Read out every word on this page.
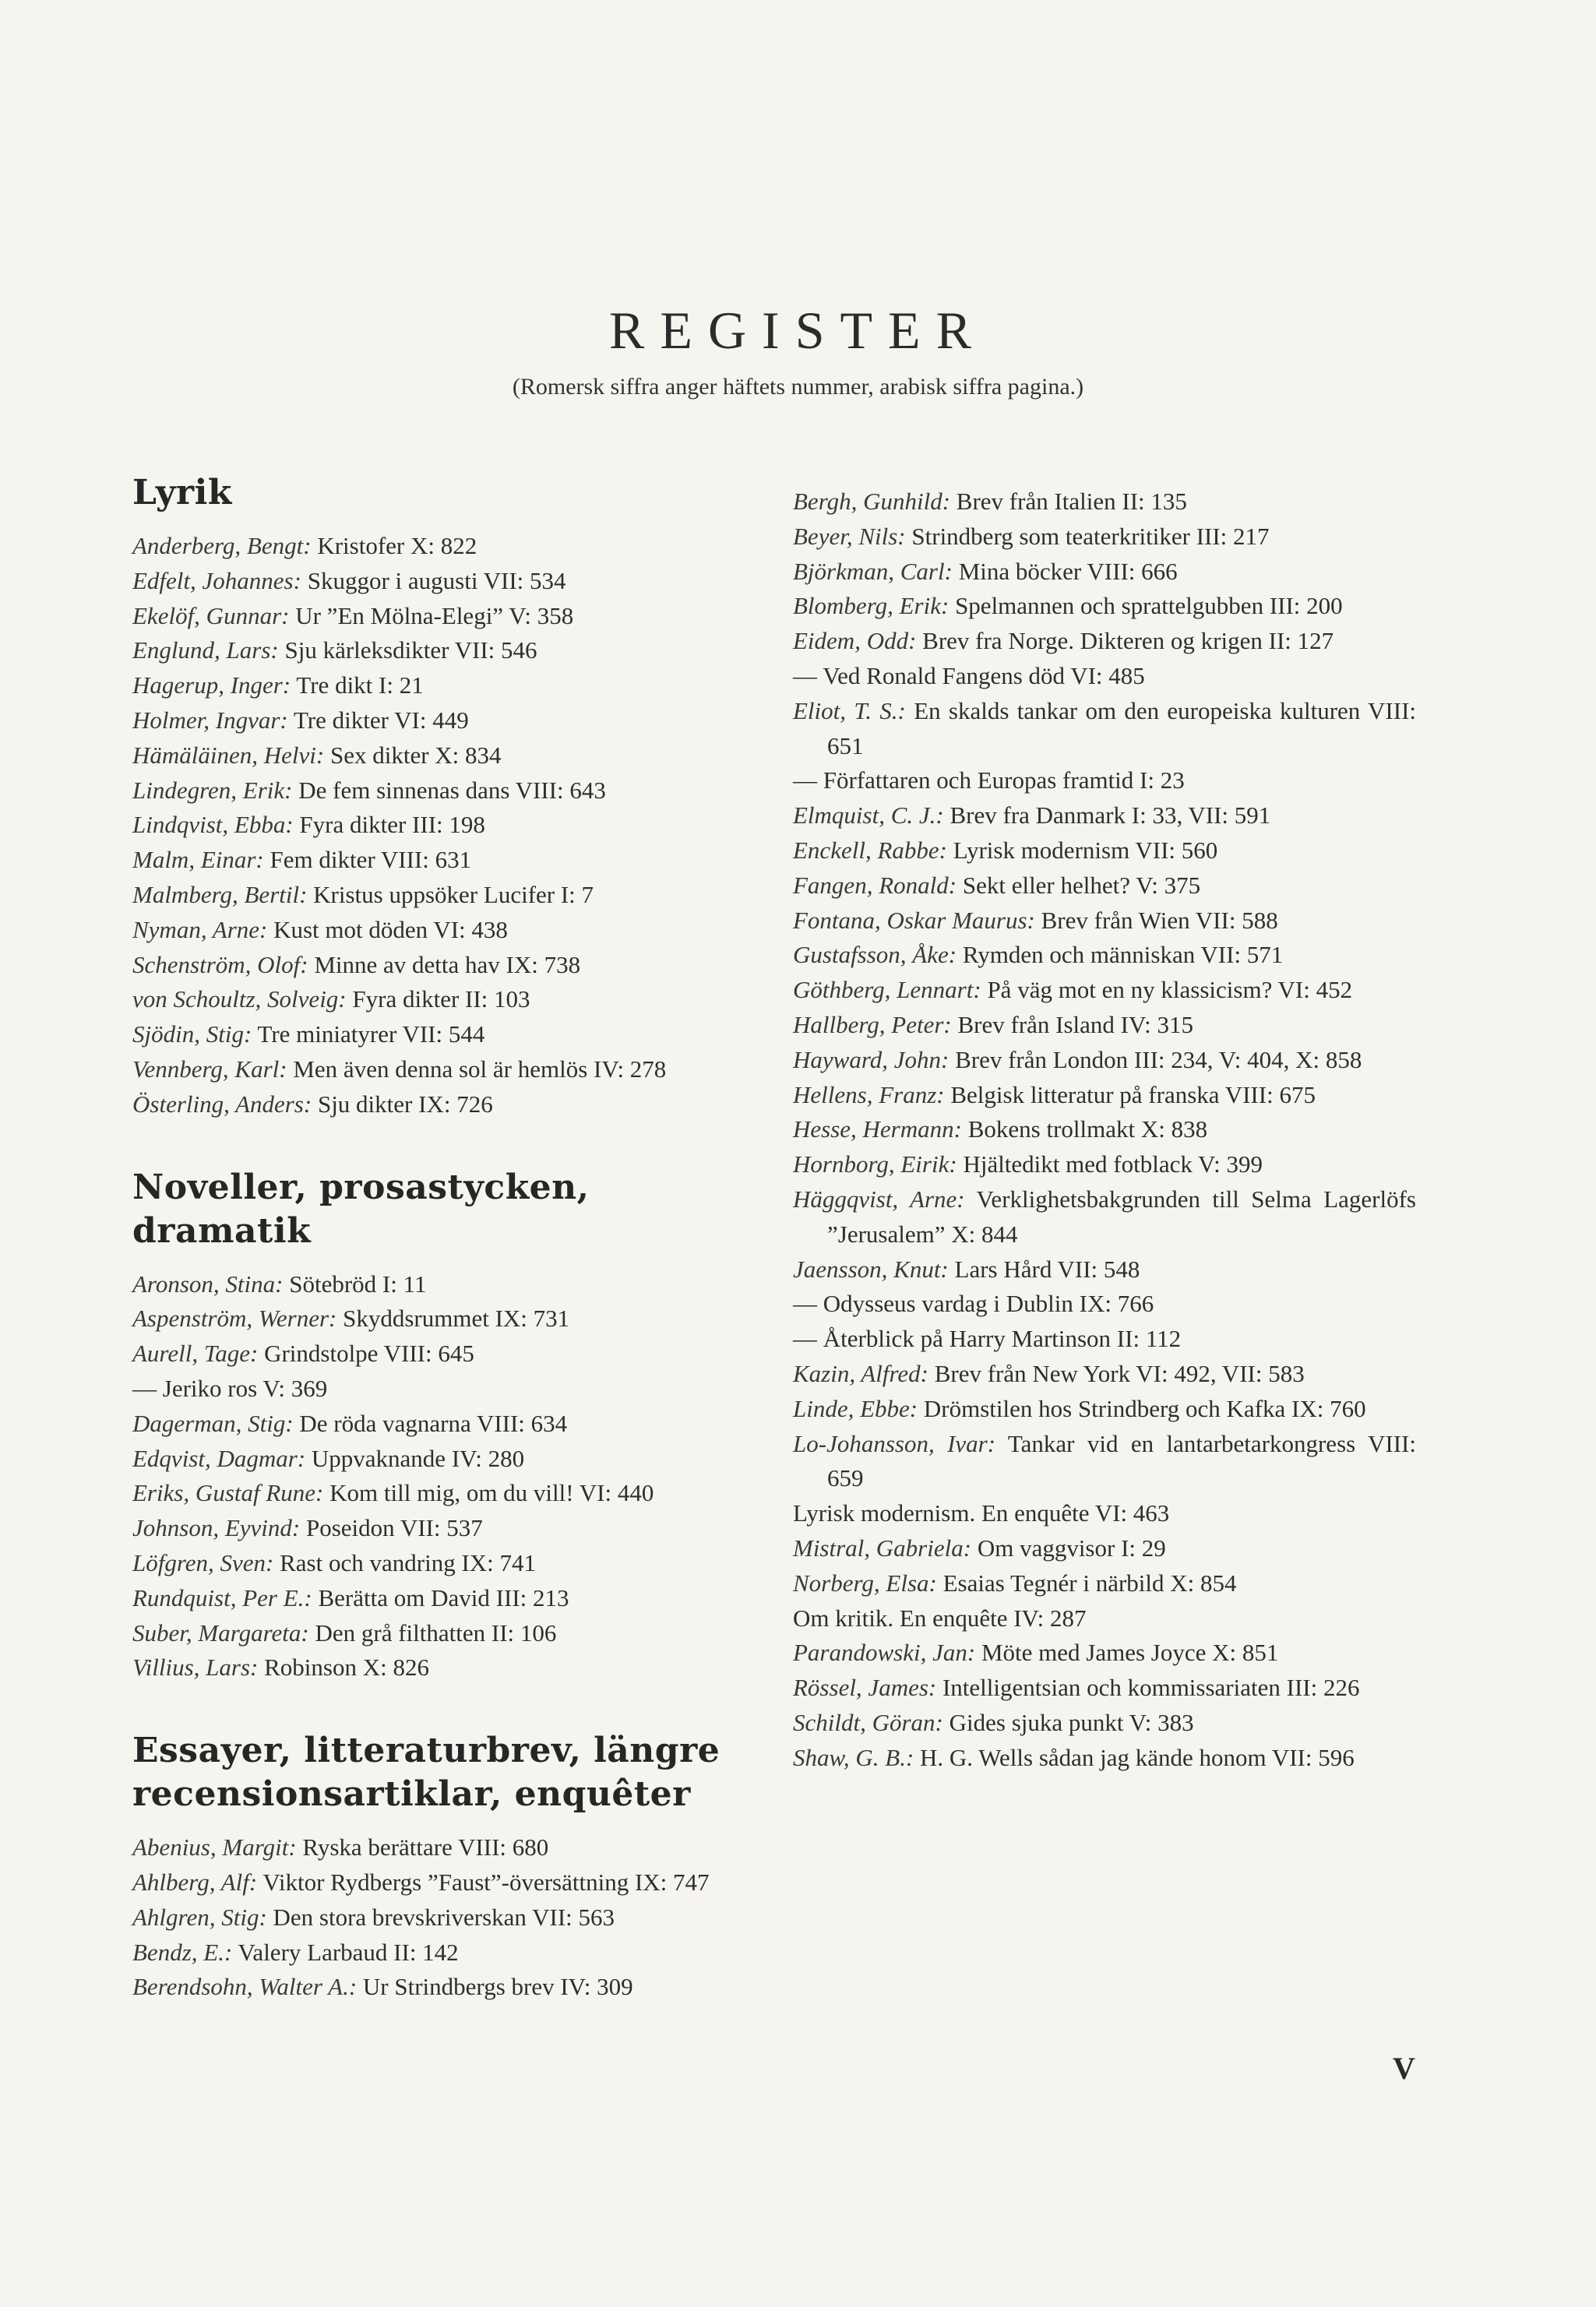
REGISTER
(Romersk siffra anger häftets nummer, arabisk siffra pagina.)
Lyrik
Anderberg, Bengt: Kristofer X: 822
Edfelt, Johannes: Skuggor i augusti VII: 534
Ekelöf, Gunnar: Ur ”En Mölna-Elegi” V: 358
Englund, Lars: Sju kärleksdikter VII: 546
Hagerup, Inger: Tre dikt I: 21
Holmer, Ingvar: Tre dikter VI: 449
Hämäläinen, Helvi: Sex dikter X: 834
Lindegren, Erik: De fem sinnenas dans VIII: 643
Lindqvist, Ebba: Fyra dikter III: 198
Malm, Einar: Fem dikter VIII: 631
Malmberg, Bertil: Kristus uppsöker Lucifer I: 7
Nyman, Arne: Kust mot döden VI: 438
Schenström, Olof: Minne av detta hav IX: 738
von Schoultz, Solveig: Fyra dikter II: 103
Sjödin, Stig: Tre miniatyrer VII: 544
Vennberg, Karl: Men även denna sol är hemlös IV: 278
Österling, Anders: Sju dikter IX: 726
Noveller, prosastycken, dramatik
Aronson, Stina: Sötebröd I: 11
Aspenström, Werner: Skyddsrummet IX: 731
Aurell, Tage: Grindstolpe VIII: 645
— Jeriko ros V: 369
Dagerman, Stig: De röda vagnarna VIII: 634
Edqvist, Dagmar: Uppvaknande IV: 280
Eriks, Gustaf Rune: Kom till mig, om du vill! VI: 440
Johnson, Eyvind: Poseidon VII: 537
Löfgren, Sven: Rast och vandring IX: 741
Rundquist, Per E.: Berätta om David III: 213
Suber, Margareta: Den grå filthatten II: 106
Villius, Lars: Robinson X: 826
Essayer, litteraturbrev, längre recensionsartiklar, enquêter
Abenius, Margit: Ryska berättare VIII: 680
Ahlberg, Alf: Viktor Rydbergs ”Faust”-översättning IX: 747
Ahlgren, Stig: Den stora brevskriverskan VII: 563
Bendz, E.: Valery Larbaud II: 142
Berendsohn, Walter A.: Ur Strindbergs brev IV: 309
Bergh, Gunhild: Brev från Italien II: 135
Beyer, Nils: Strindberg som teaterkritiker III: 217
Björkman, Carl: Mina böcker VIII: 666
Blomberg, Erik: Spelmannen och sprattelgubben III: 200
Eidem, Odd: Brev fra Norge. Dikteren og krigen II: 127
— Ved Ronald Fangens död VI: 485
Eliot, T. S.: En skalds tankar om den europeiska kulturen VIII: 651
— Författaren och Europas framtid I: 23
Elmquist, C. J.: Brev fra Danmark I: 33, VII: 591
Enckell, Rabbe: Lyrisk modernism VII: 560
Fangen, Ronald: Sekt eller helhet? V: 375
Fontana, Oskar Maurus: Brev från Wien VII: 588
Gustafsson, Åke: Rymden och människan VII: 571
Göthberg, Lennart: På väg mot en ny klassicism? VI: 452
Hallberg, Peter: Brev från Island IV: 315
Hayward, John: Brev från London III: 234, V: 404, X: 858
Hellens, Franz: Belgisk litteratur på franska VIII: 675
Hesse, Hermann: Bokens trollmakt X: 838
Hornborg, Eirik: Hjältedikt med fotblack V: 399
Häggqvist, Arne: Verklighetsbakgrunden till Selma Lagerlöfs ”Jerusalem” X: 844
Jaensson, Knut: Lars Hård VII: 548
— Odysseus vardag i Dublin IX: 766
— Återblick på Harry Martinson II: 112
Kazin, Alfred: Brev från New York VI: 492, VII: 583
Linde, Ebbe: Drömstilen hos Strindberg och Kafka IX: 760
Lo-Johansson, Ivar: Tankar vid en lantarbetarkongress VIII: 659
Lyrisk modernism. En enquête VI: 463
Mistral, Gabriela: Om vaggvisor I: 29
Norberg, Elsa: Esaias Tegnér i närbild X: 854
Om kritik. En enquête IV: 287
Parandowski, Jan: Möte med James Joyce X: 851
Rössel, James: Intelligentsian och kommissariaten III: 226
Schildt, Göran: Gides sjuka punkt V: 383
Shaw, G. B.: H. G. Wells sådan jag kände honom VII: 596
V
